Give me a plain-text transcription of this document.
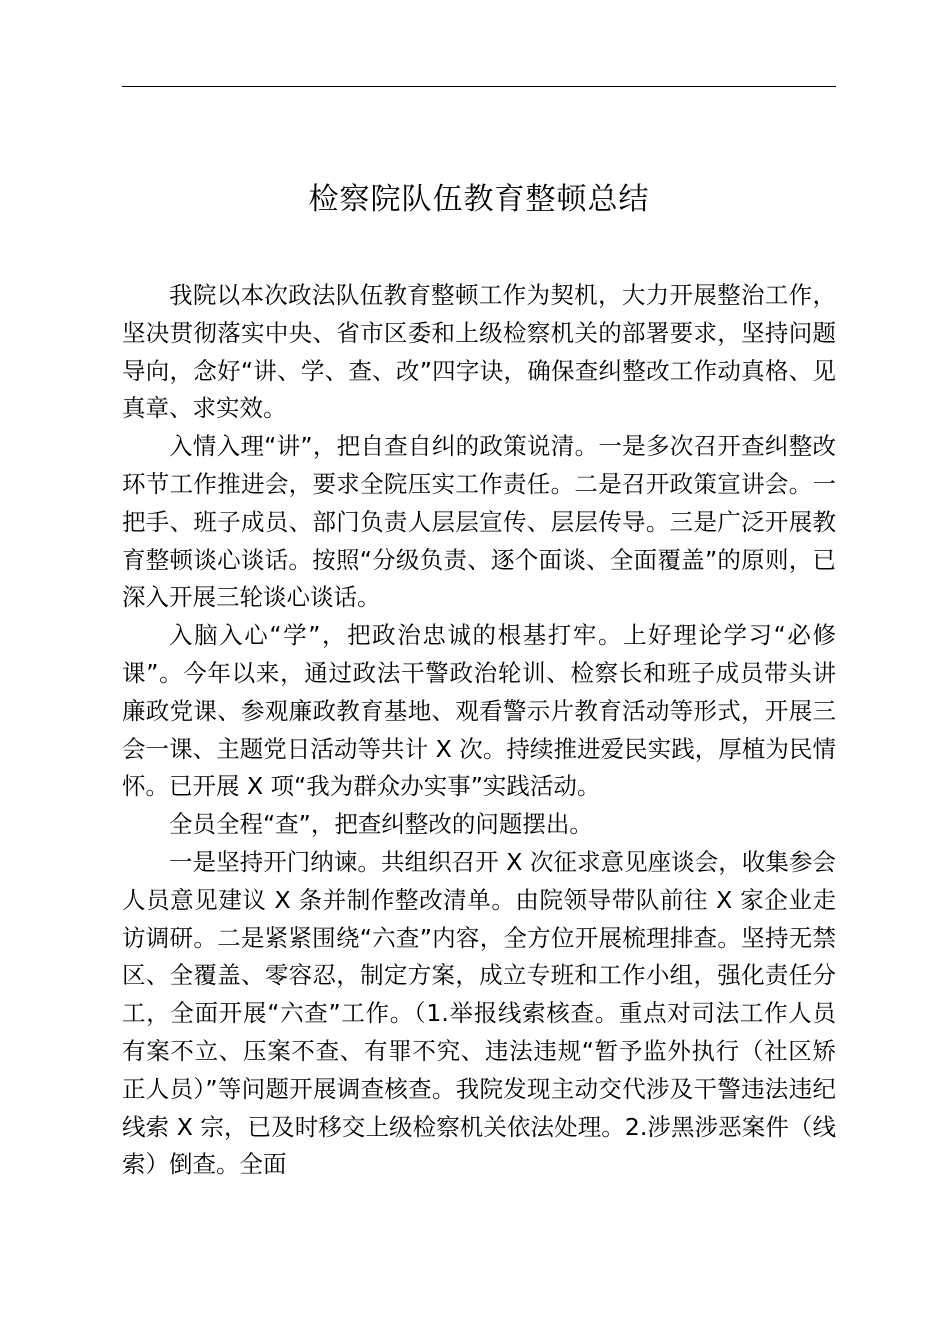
检察院队伍教育整顿总结

我院以本次政法队伍教育整顿工作为契机，大力开展整治工作，坚决贯彻落实中央、省市区委和上级检察机关的部署要求，坚持问题导向，念好“讲、学、查、改”四字诀，确保查纠整改工作动真格、见真章、求实效。

入情入理“讲”，把自查自纠的政策说清。一是多次召开查纠整改环节工作推进会，要求全院压实工作责任。二是召开政策宣讲会。一把手、班子成员、部门负责人层层宣传、层层传导。三是广泛开展教育整顿谈心谈话。按照“分级负责、逐个面谈、全面覆盖”的原则，已深入开展三轮谈心谈话。

入脑入心“学”，把政治忠诚的根基打牢。上好理论学习“必修课”。今年以来，通过政法干警政治轮训、检察长和班子成员带头讲廉政党课、参观廉政教育基地、观看警示片教育活动等形式，开展三会一课、主题党日活动等共计 X 次。持续推进爱民实践，厚植为民情怀。已开展 X 项“我为群众办实事”实践活动。

全员全程“查”，把查纠整改的问题摆出。

一是坚持开门纳谏。共组织召开 X 次征求意见座谈会，收集参会人员意见建议 X 条并制作整改清单。由院领导带队前往 X 家企业走访调研。二是紧紧围绕“六查”内容，全方位开展梳理排查。坚持无禁区、全覆盖、零容忍，制定方案，成立专班和工作小组，强化责任分工，全面开展“六查”工作。（1.举报线索核查。重点对司法工作人员有案不立、压案不查、有罪不究、违法违规“暂予监外执行（社区矫正人员）”等问题开展调查核查。我院发现主动交代涉及干警违法违纪线索 X 宗，已及时移交上级检察机关依法处理。2.涉黑涉恶案件（线索）倒查。全面
